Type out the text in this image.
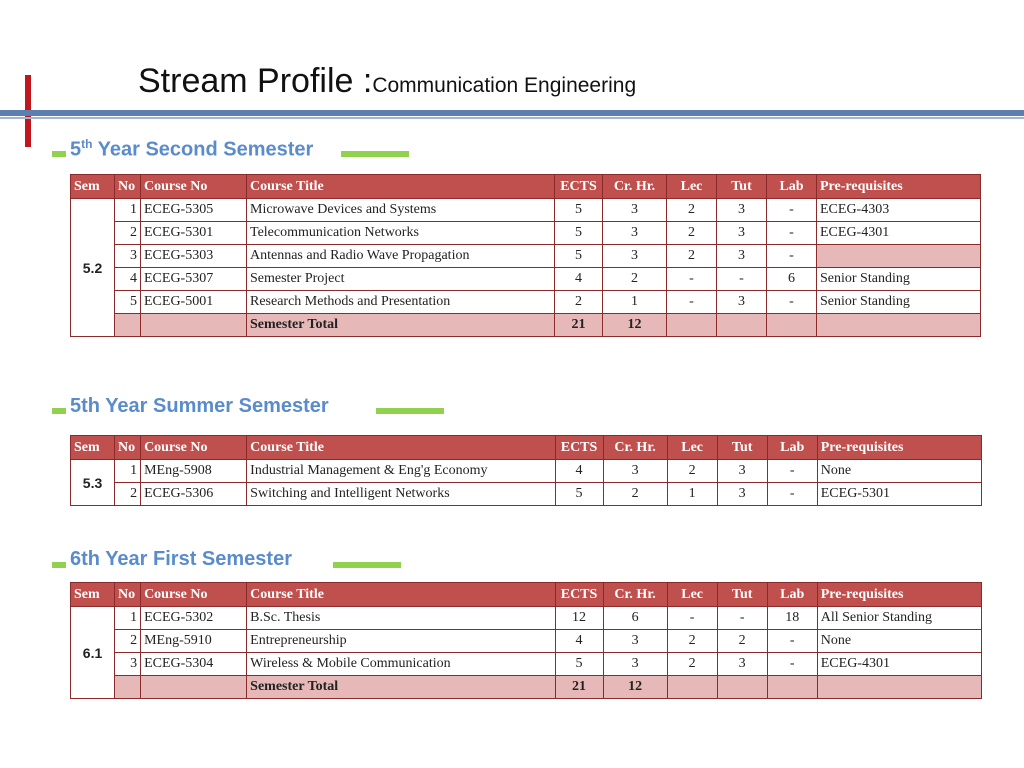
Stream Profile :Communication Engineering
5th Year Second Semester
5th Year Summer Semester
6th Year First Semester
Sem	No	Course No	Course Title	ECTS	Cr. Hr.	Lec	Tut	Lab	Pre-requisites
5.2	1	ECEG-5305	Microwave Devices and Systems	5	3	2	3	-	ECEG-4303
	2	ECEG-5301	Telecommunication Networks	5	3	2	3	-	ECEG-4301
	3	ECEG-5303	Antennas and Radio Wave Propagation	5	3	2	3	-	
	4	ECEG-5307	Semester Project	4	2	-	-	6	Senior Standing
	5	ECEG-5001	Research Methods and Presentation	2	1	-	3	-	Senior Standing
			Semester Total	21	12				
Sem	No	Course No	Course Title	ECTS	Cr. Hr.	Lec	Tut	Lab	Pre-requisites
5.3	1	MEng-5908	Industrial Management & Eng'g Economy	4	3	2	3	-	None
	2	ECEG-5306	Switching and Intelligent Networks	5	2	1	3	-	ECEG-5301
Sem	No	Course No	Course Title	ECTS	Cr. Hr.	Lec	Tut	Lab	Pre-requisites
6.1	1	ECEG-5302	B.Sc. Thesis	12	6	-	-	18	All Senior Standing
	2	MEng-5910	Entrepreneurship	4	3	2	2	-	None
	3	ECEG-5304	Wireless & Mobile Communication	5	3	2	3	-	ECEG-4301
			Semester Total	21	12				
